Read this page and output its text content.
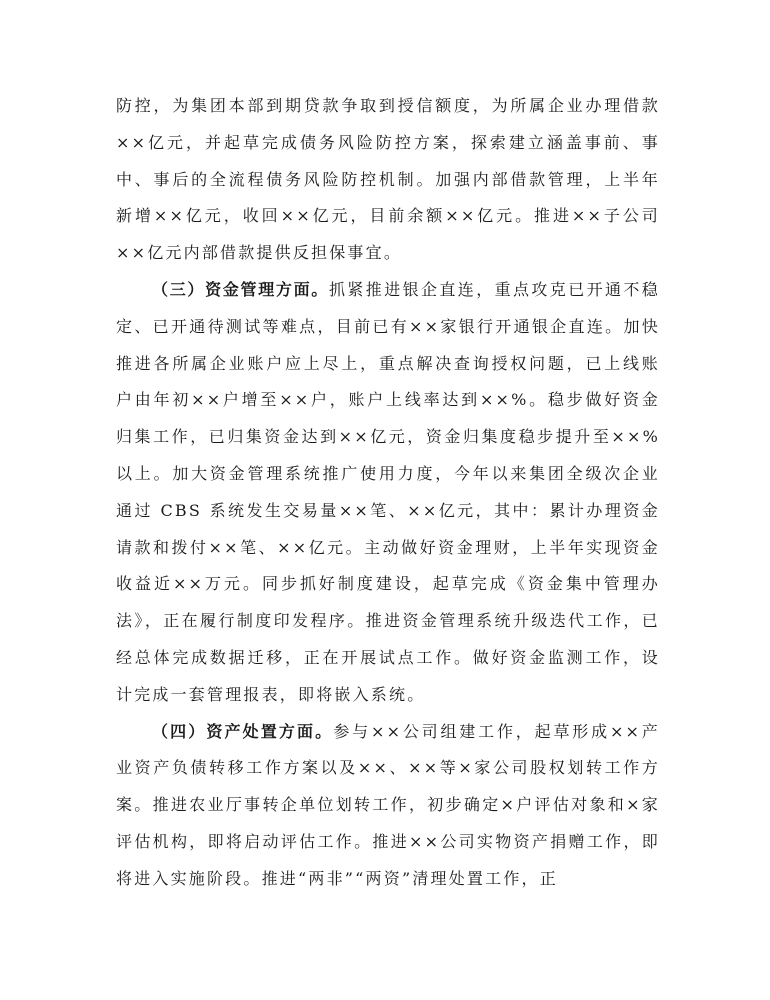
防控，为集团本部到期贷款争取到授信额度，为所属企业办理借款××亿元，并起草完成债务风险防控方案，探索建立涵盖事前、事中、事后的全流程债务风险防控机制。加强内部借款管理，上半年新增××亿元，收回××亿元，目前余额××亿元。推进××子公司××亿元内部借款提供反担保事宜。

（三）资金管理方面。抓紧推进银企直连，重点攻克已开通不稳定、已开通待测试等难点，目前已有××家银行开通银企直连。加快推进各所属企业账户应上尽上，重点解决查询授权问题，已上线账户由年初××户增至××户，账户上线率达到××%。稳步做好资金归集工作，已归集资金达到××亿元，资金归集度稳步提升至××%以上。加大资金管理系统推广使用力度，今年以来集团全级次企业通过 CBS 系统发生交易量××笔、××亿元，其中：累计办理资金请款和拨付××笔、××亿元。主动做好资金理财，上半年实现资金收益近××万元。同步抓好制度建设，起草完成《资金集中管理办法》，正在履行制度印发程序。推进资金管理系统升级迭代工作，已经总体完成数据迁移，正在开展试点工作。做好资金监测工作，设计完成一套管理报表，即将嵌入系统。

（四）资产处置方面。参与××公司组建工作，起草形成××产业资产负债转移工作方案以及××、××等×家公司股权划转工作方案。推进农业厅事转企单位划转工作，初步确定×户评估对象和×家评估机构，即将启动评估工作。推进××公司实物资产捐赠工作，即将进入实施阶段。推进“两非”“两资”清理处置工作，正
